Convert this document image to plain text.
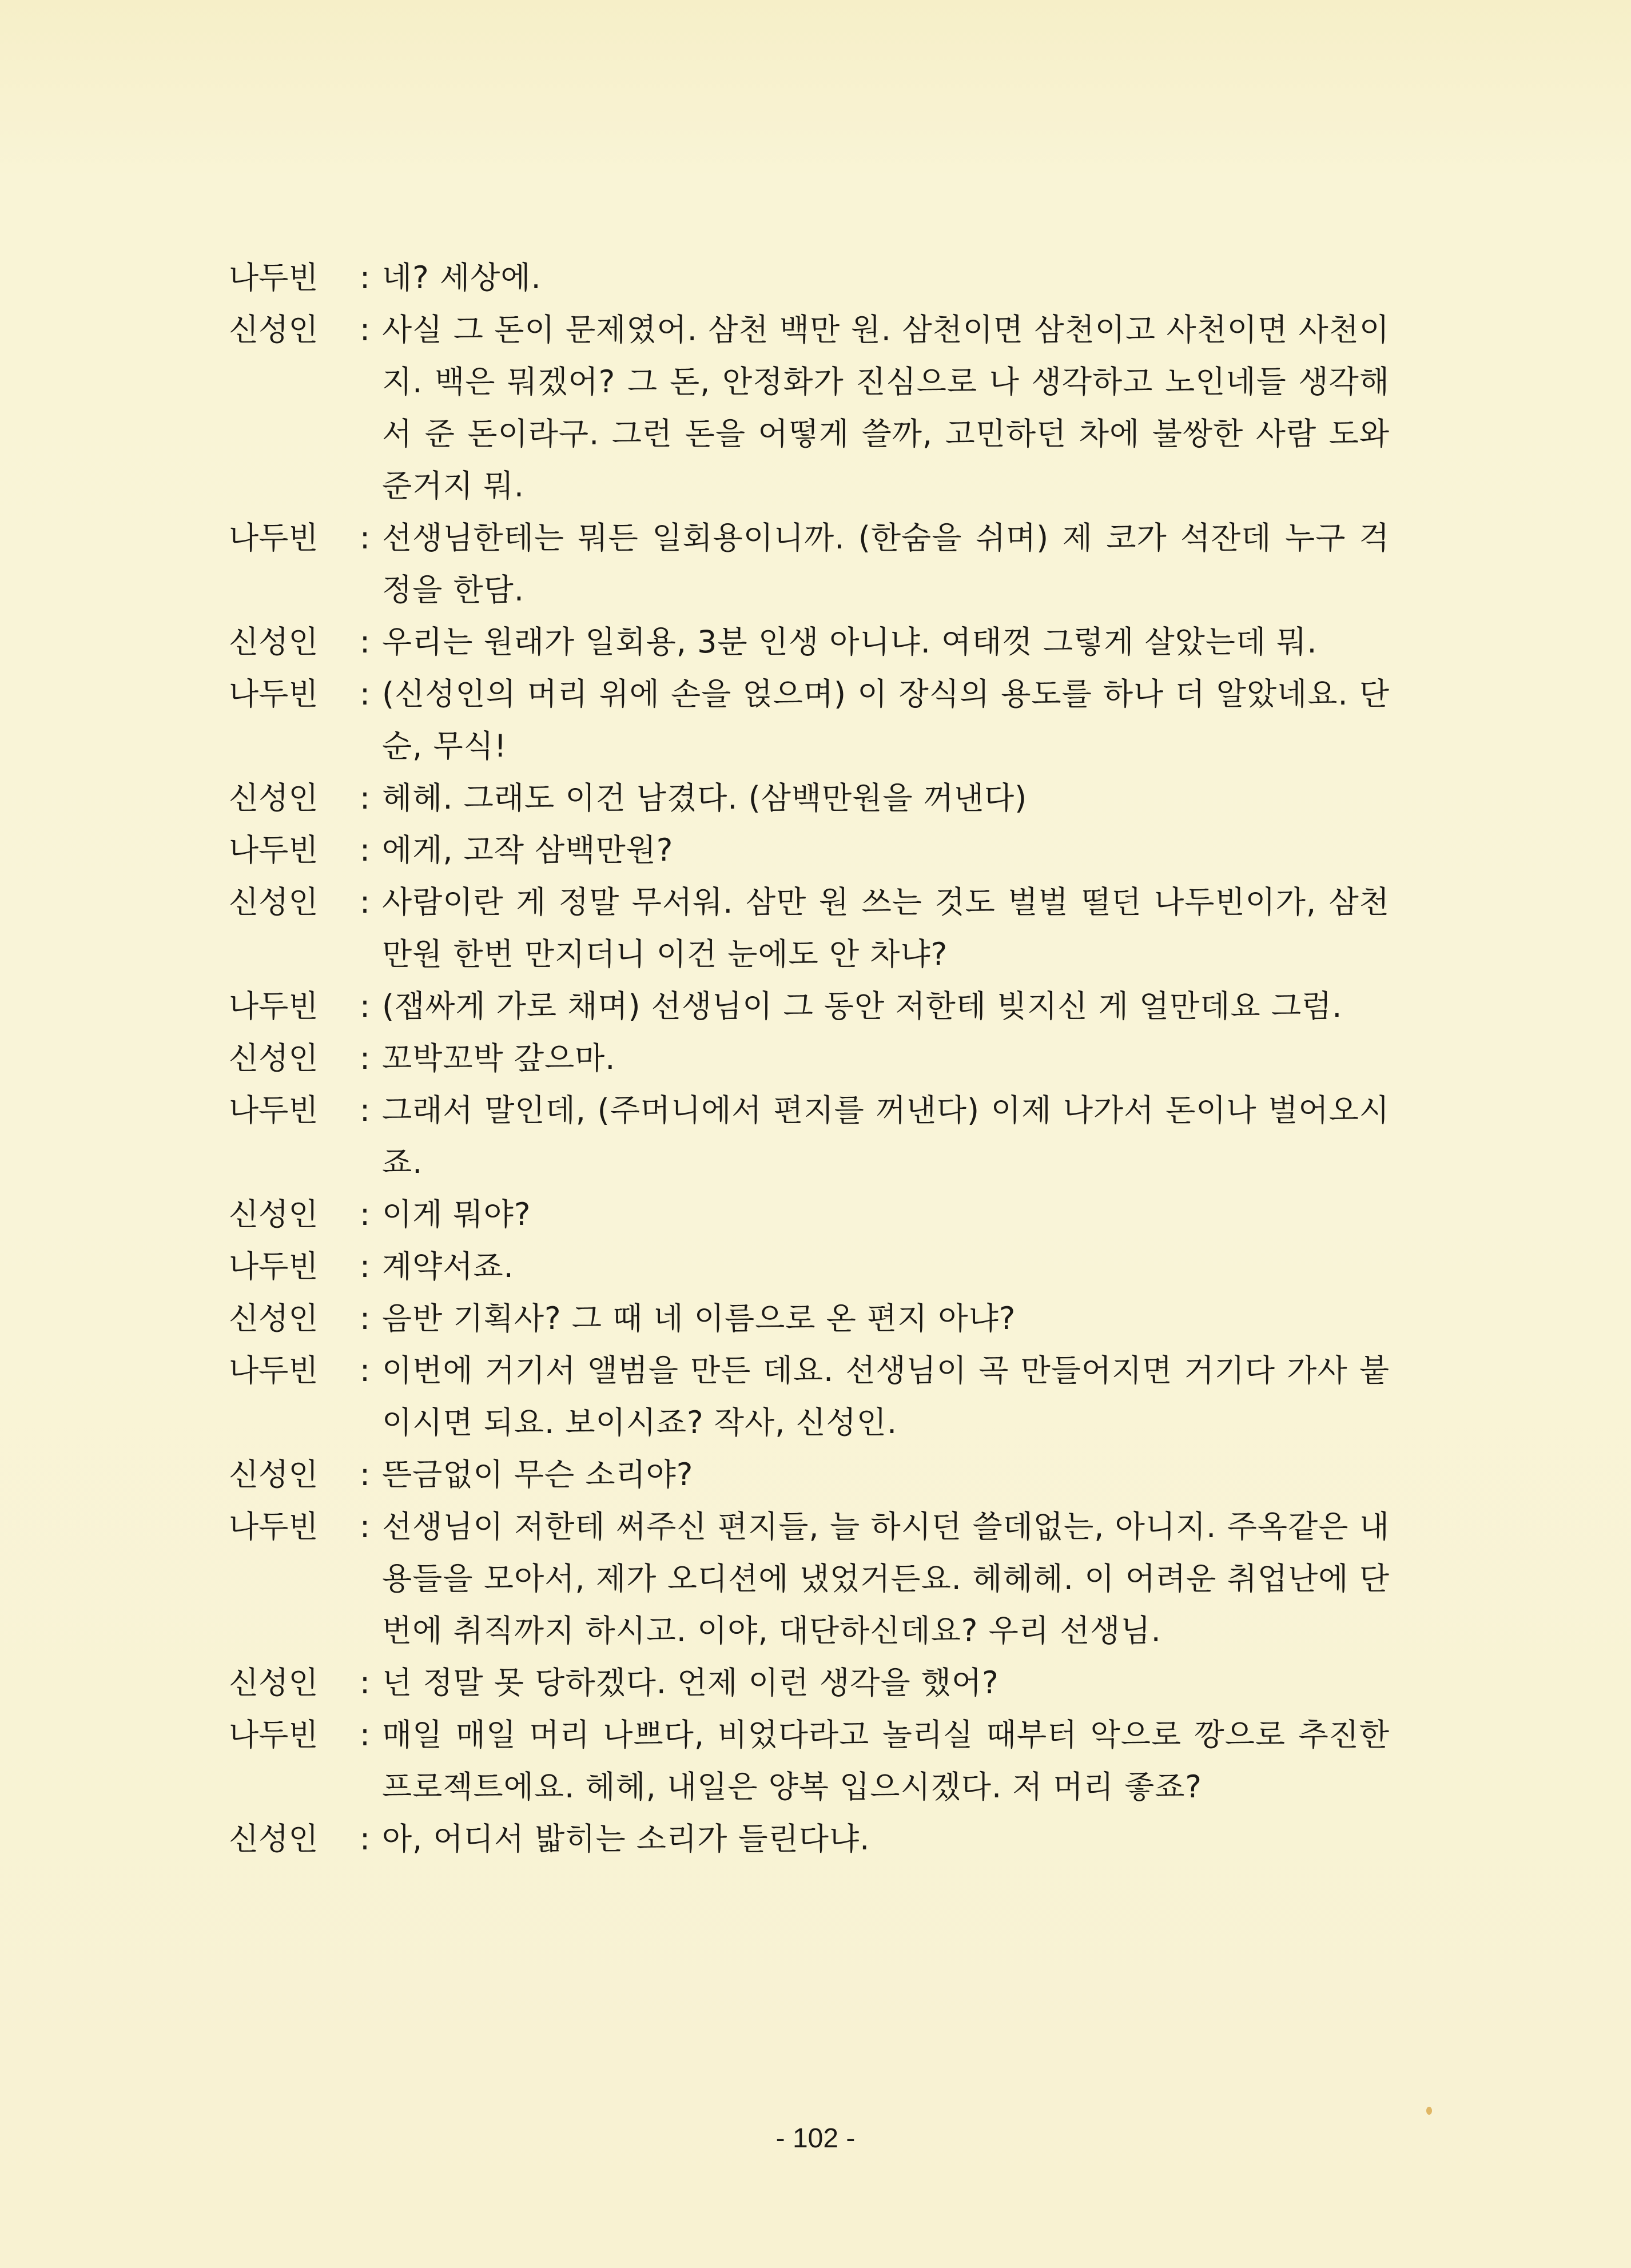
나두빈	: 네? 세상에.
신성인	: 사실 그 돈이 문제였어. 삼천 백만 원. 삼천이면 삼천이고 사천이면 사천이지. 백은 뭐겠어? 그 돈, 안정화가 진심으로 나 생각하고 노인네들 생각해서 준 돈이라구. 그런 돈을 어떻게 쓸까, 고민하던 차에 불쌍한 사람 도와 준거지 뭐.
나두빈	: 선생님한테는 뭐든 일회용이니까. (한숨을 쉬며) 제 코가 석잔데 누구 걱정을 한담.
신성인	: 우리는 원래가 일회용, 3분 인생 아니냐. 여태껏 그렇게 살았는데 뭐.
나두빈	: (신성인의 머리 위에 손을 얹으며) 이 장식의 용도를 하나 더 알았네요. 단순, 무식!
신성인	: 헤헤. 그래도 이건 남겼다. (삼백만원을 꺼낸다)
나두빈	: 에게, 고작 삼백만원?
신성인	: 사람이란 게 정말 무서워. 삼만 원 쓰는 것도 벌벌 떨던 나두빈이가, 삼천만원 한번 만지더니 이건 눈에도 안 차냐?
나두빈	: (잽싸게 가로 채며) 선생님이 그 동안 저한테 빚지신 게 얼만데요 그럼.
신성인	: 꼬박꼬박 갚으마.
나두빈	: 그래서 말인데, (주머니에서 편지를 꺼낸다) 이제 나가서 돈이나 벌어오시죠.
신성인	: 이게 뭐야?
나두빈	: 계약서죠.
신성인	: 음반 기획사? 그 때 네 이름으로 온 편지 아냐?
나두빈	: 이번에 거기서 앨범을 만든 데요. 선생님이 곡 만들어지면 거기다 가사 붙이시면 되요. 보이시죠? 작사, 신성인.
신성인	: 뜬금없이 무슨 소리야?
나두빈	: 선생님이 저한테 써주신 편지들, 늘 하시던 쓸데없는, 아니지. 주옥같은 내용들을 모아서, 제가 오디션에 냈었거든요. 헤헤헤. 이 어려운 취업난에 단번에 취직까지 하시고. 이야, 대단하신데요? 우리 선생님.
신성인	: 넌 정말 못 당하겠다. 언제 이런 생각을 했어?
나두빈	: 매일 매일 머리 나쁘다, 비었다라고 놀리실 때부터 악으로 깡으로 추진한 프로젝트에요. 헤헤, 내일은 양복 입으시겠다. 저 머리 좋죠?
신성인	: 아, 어디서 밟히는 소리가 들린다냐.
- 102 -
